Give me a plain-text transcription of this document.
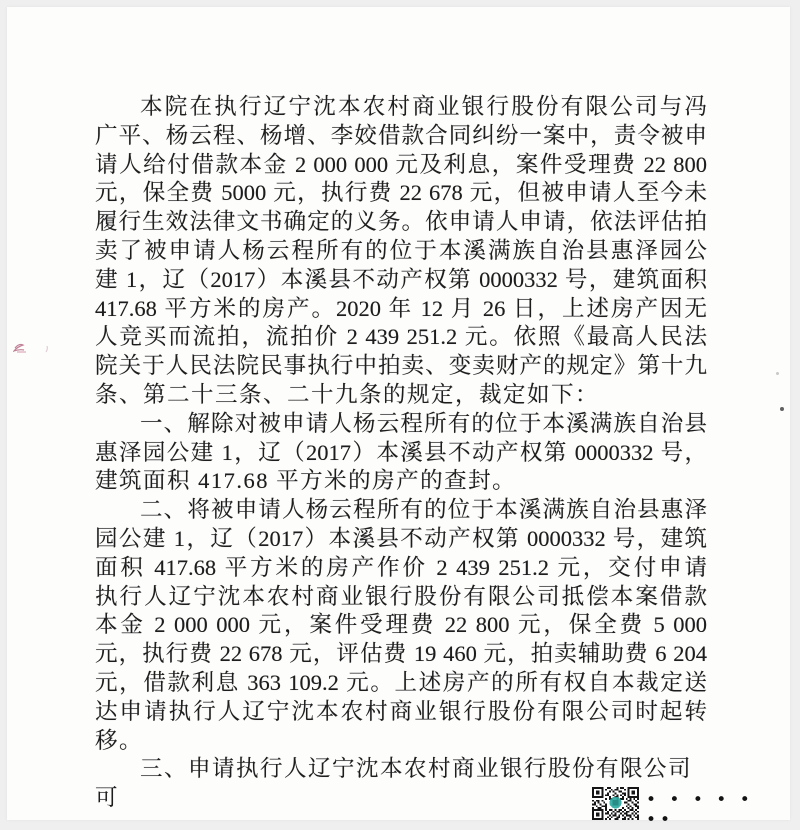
本院在执行辽宁沈本农村商业银行股份有限公司与冯
广平、杨云程、杨增、李姣借款合同纠纷一案中，责令被申
请人给付借款本金 2 000 000 元及利息，案件受理费 22 800
元，保全费 5000 元，执行费 22 678 元，但被申请人至今未
履行生效法律文书确定的义务。依申请人申请，依法评估拍
卖了被申请人杨云程所有的位于本溪满族自治县惠泽园公
建 1，辽（2017）本溪县不动产权第 0000332 号，建筑面积
417.68 平方米的房产。2020 年 12 月 26 日，上述房产因无
人竞买而流拍，流拍价 2 439 251.2 元。依照《最高人民法
院关于人民法院民事执行中拍卖、变卖财产的规定》第十九
条、第二十三条、二十九条的规定，裁定如下：
一、解除对被申请人杨云程所有的位于本溪满族自治县
惠泽园公建 1，辽（2017）本溪县不动产权第 0000332 号，
建筑面积 417.68 平方米的房产的查封。
二、将被申请人杨云程所有的位于本溪满族自治县惠泽
园公建 1，辽（2017）本溪县不动产权第 0000332 号，建筑
面积 417.68 平方米的房产作价 2 439 251.2 元，交付申请
执行人辽宁沈本农村商业银行股份有限公司抵偿本案借款
本金 2 000 000 元，案件受理费 22 800 元，保全费 5 000
元，执行费 22 678 元，评估费 19 460 元，拍卖辅助费 6 204
元，借款利息 363 109.2 元。上述房产的所有权自本裁定送
达申请执行人辽宁沈本农村商业银行股份有限公司时起转
移。
三、申请执行人辽宁沈本农村商业银行股份有限公司可	• • • • • ••
